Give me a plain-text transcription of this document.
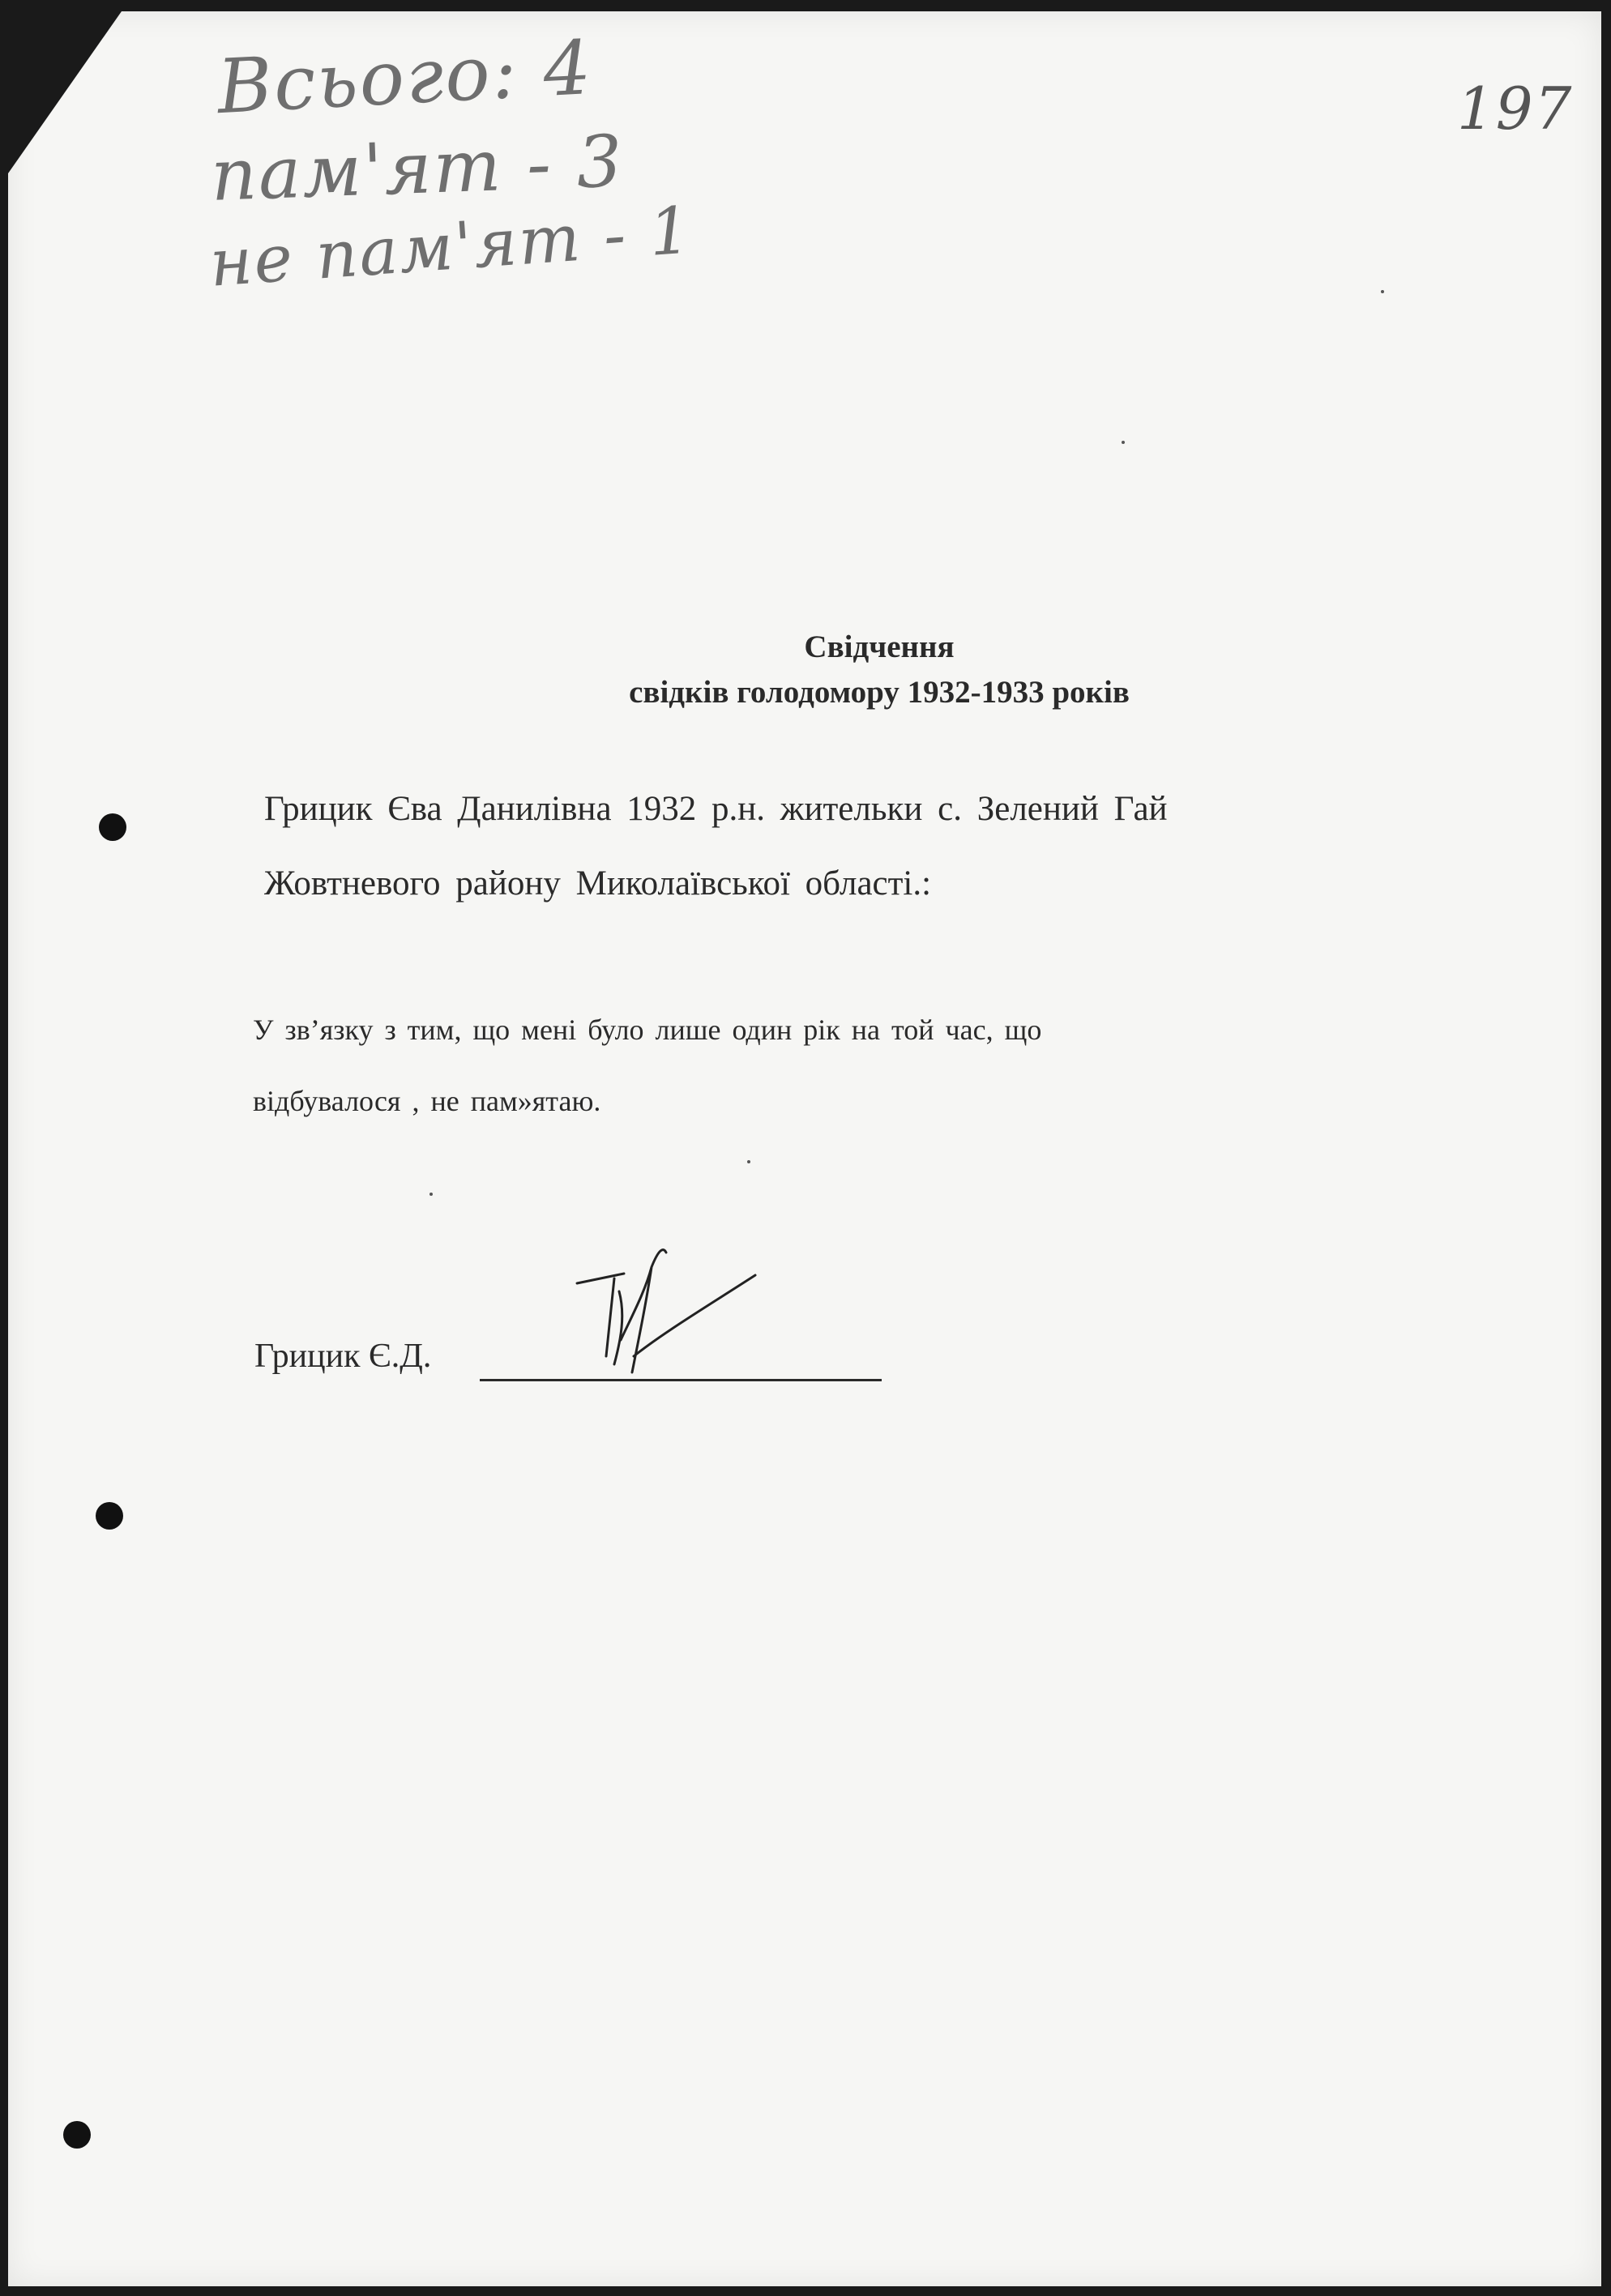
Всього: 4
пам'ят - 3
не пам'ят - 1
197
Свідчення
свідків голодомору 1932-1933 років
Грицик Єва Данилівна 1932 р.н. жительки с. Зелений Гай
Жовтневого району Миколаївської області.:
У зв’язку з тим, що мені було лише один рік на той час, що
відбувалося , не пам»ятаю.
Грицик Є.Д.
